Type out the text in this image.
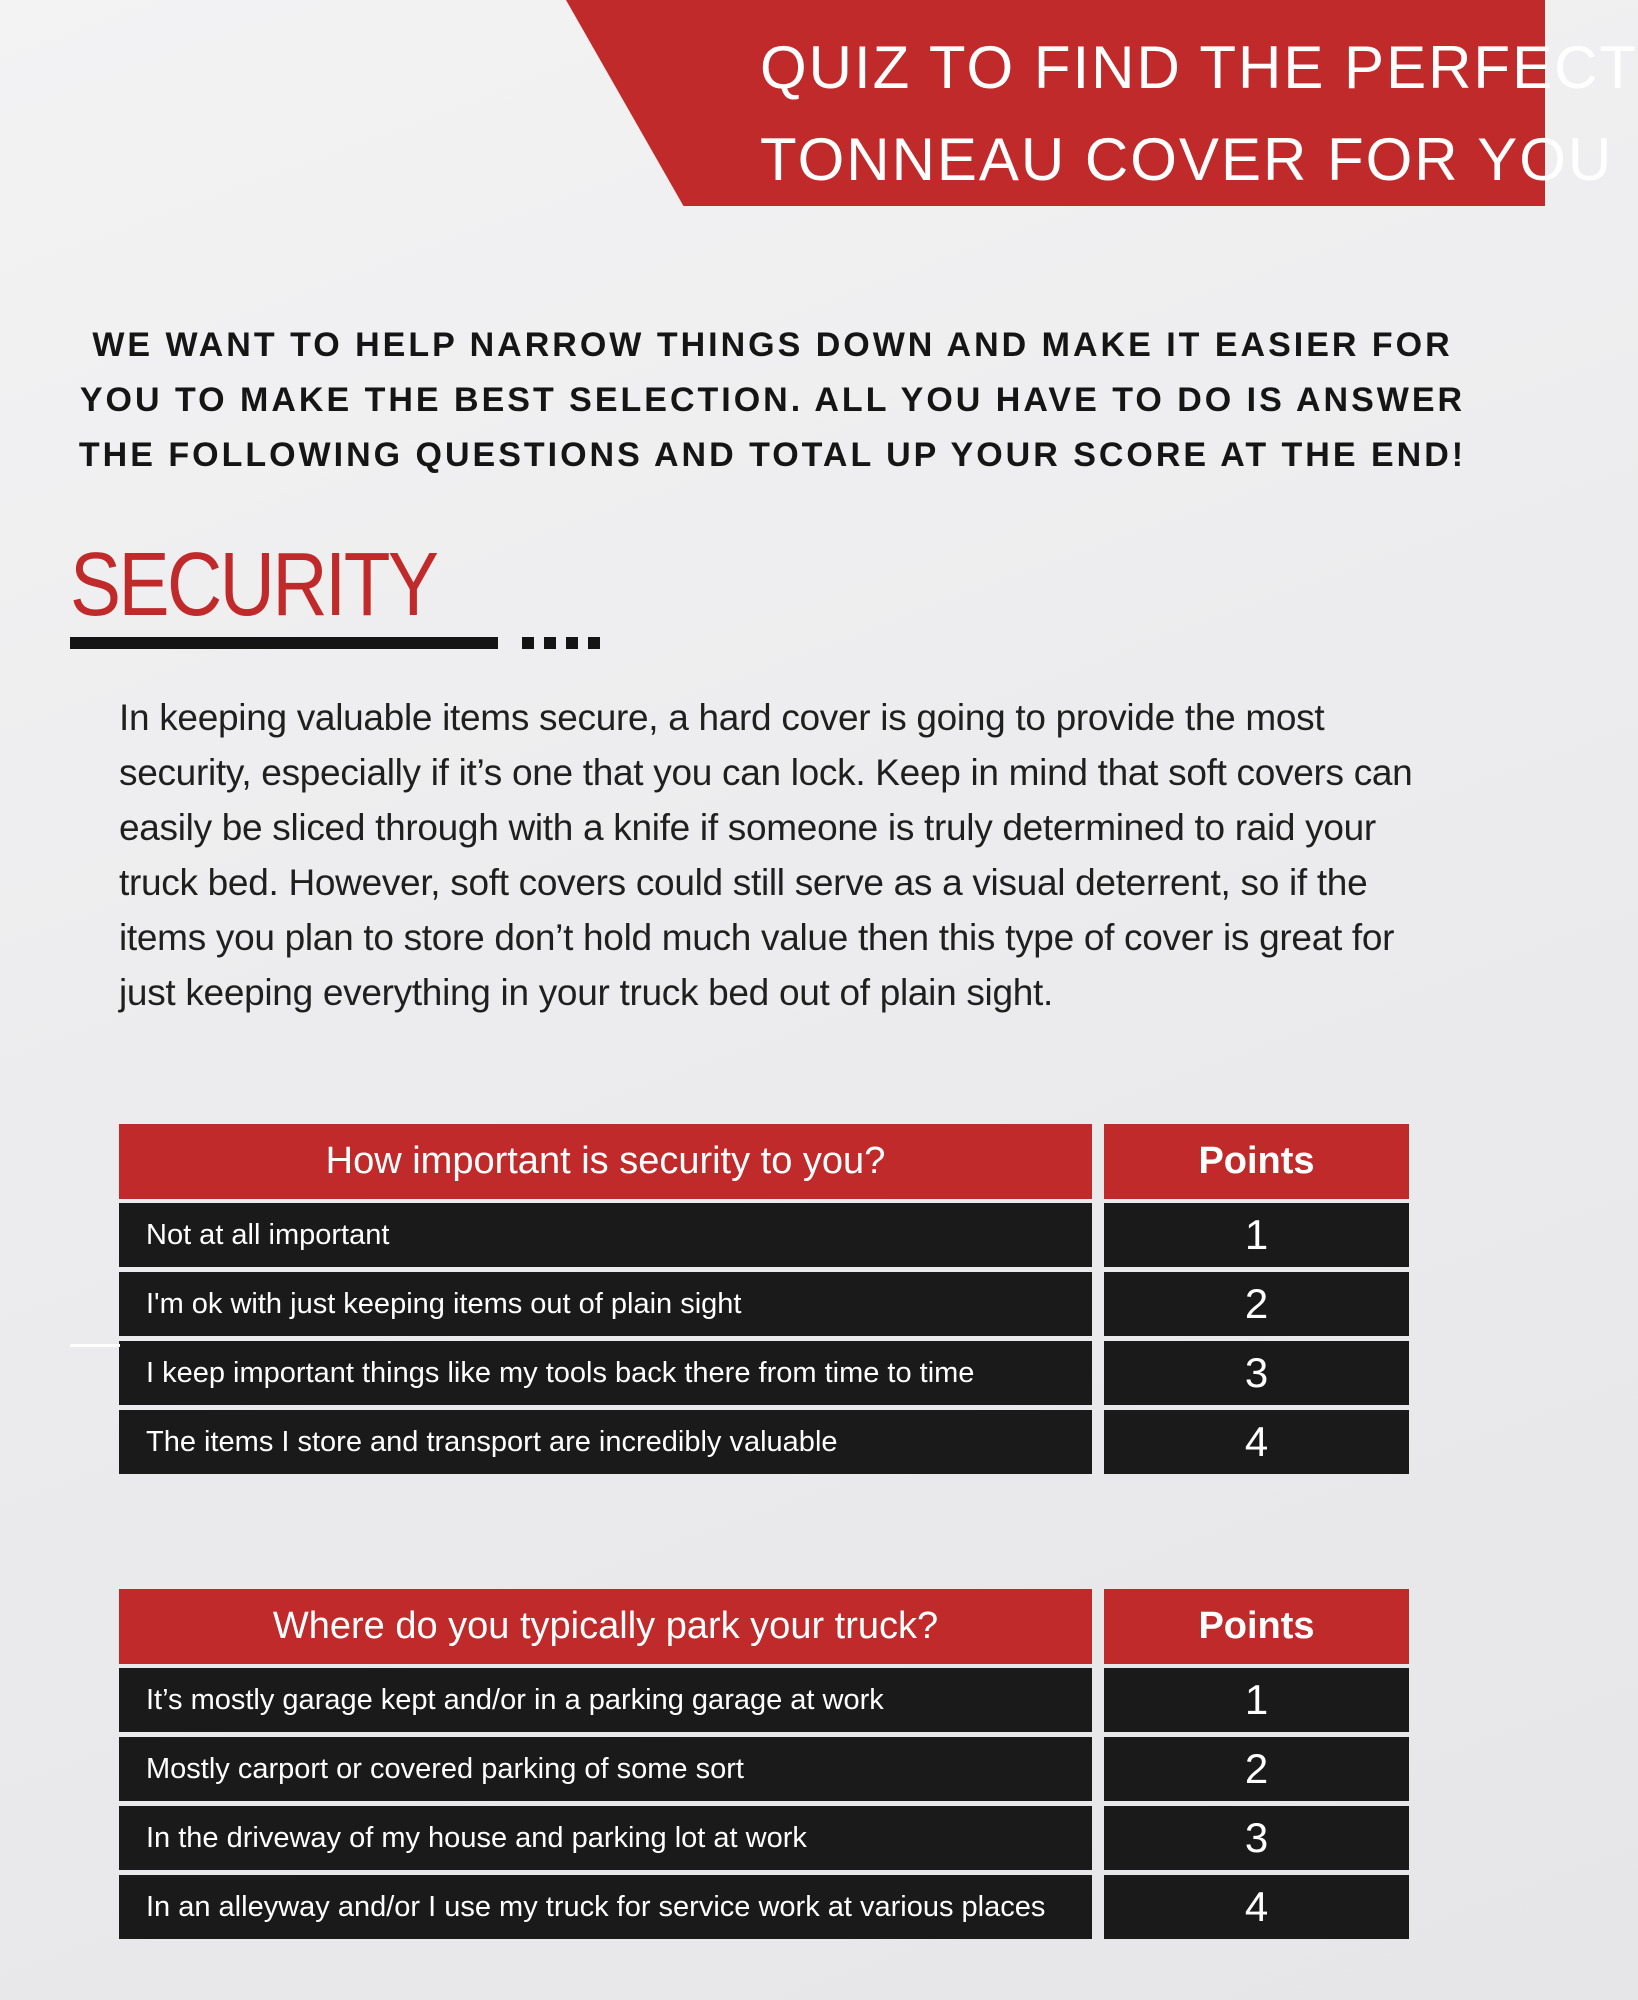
QUIZ TO FIND THE PERFECT
TONNEAU COVER FOR YOU

WE WANT TO HELP NARROW THINGS DOWN AND MAKE IT EASIER FOR YOU TO MAKE THE BEST SELECTION. ALL YOU HAVE TO DO IS ANSWER THE FOLLOWING QUESTIONS AND TOTAL UP YOUR SCORE AT THE END!

SECURITY

In keeping valuable items secure, a hard cover is going to provide the most security, especially if it’s one that you can lock. Keep in mind that soft covers can easily be sliced through with a knife if someone is truly determined to raid your truck bed. However, soft covers could still serve as a visual deterrent, so if the items you plan to store don’t hold much value then this type of cover is great for just keeping everything in your truck bed out of plain sight.

How important is security to you?	Points
Not at all important	1
I'm ok with just keeping items out of plain sight	2
I keep important things like my tools back there from time to time	3
The items I store and transport are incredibly valuable	4
Where do you typically park your truck?	Points
It’s mostly garage kept and/or in a parking garage at work	1
Mostly carport or covered parking of some sort	2
In the driveway of my house and parking lot at work	3
In an alleyway and/or I use my truck for service work at various places	4
